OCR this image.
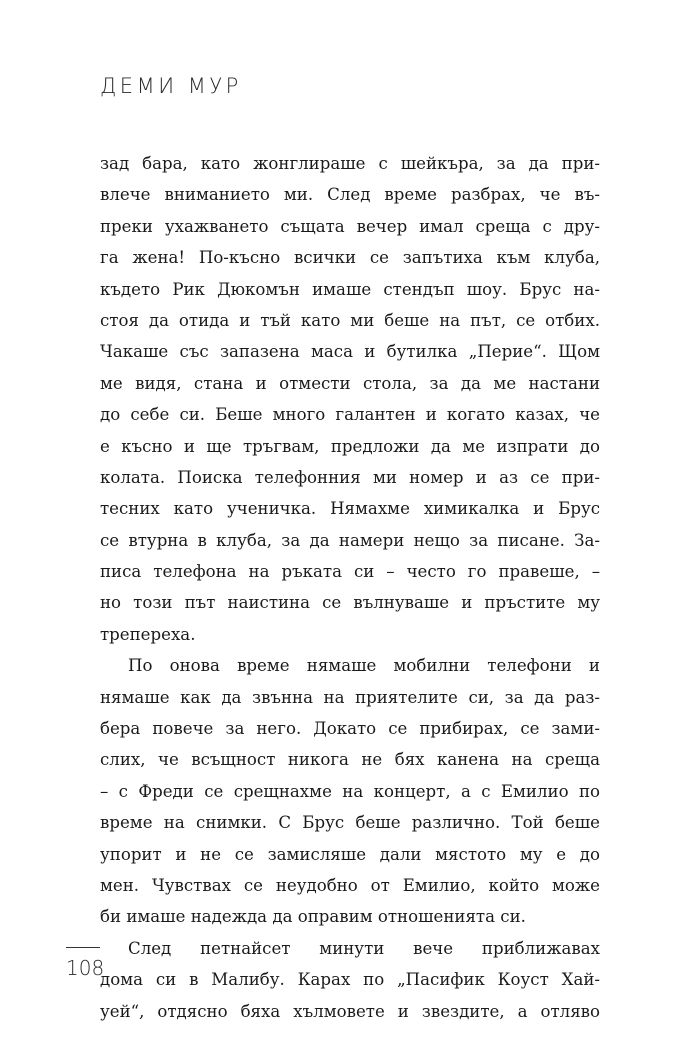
ДЕМИ МУР
зад бара, като жонглираше с шейкъра, за да при-
влече вниманието ми. След време разбрах, че въ-
преки ухажването същата вечер имал среща с дру-
га жена! По-късно всички се запътиха към клуба,
където Рик Дюкомън имаше стендъп шоу. Брус на-
стоя да отида и тъй като ми беше на път, се отбих.
Чакаше със запазена маса и бутилка „Перие“. Щом
ме видя, стана и отмести стола, за да ме настани
до себе си. Беше много галантен и когато казах, че
е късно и ще тръгвам, предложи да ме изпрати до
колата. Поиска телефонния ми номер и аз се при-
тесних като ученичка. Нямахме химикалка и Брус
се втурна в клуба, за да намери нещо за писане. За-
писа телефона на ръката си – често го правеше, –
но този път наистина се вълнуваше и пръстите му
трепереха.
По онова време нямаше мобилни телефони и
нямаше как да звънна на приятелите си, за да раз-
бера повече за него. Докато се прибирах, се зами-
слих, че всъщност никога не бях канена на среща
– с Фреди се срещнахме на концерт, а с Емилио по
време на снимки. С Брус беше различно. Той беше
упорит и не се замисляше дали мястото му е до
мен. Чувствах се неудобно от Емилио, който може
би имаше надежда да оправим отношенията си.
След петнайсет минути вече приближавах
дома си в Малибу. Карах по „Пасифик Коуст Хай-
уей“, отдясно бяха хълмовете и звездите, а отляво

108
